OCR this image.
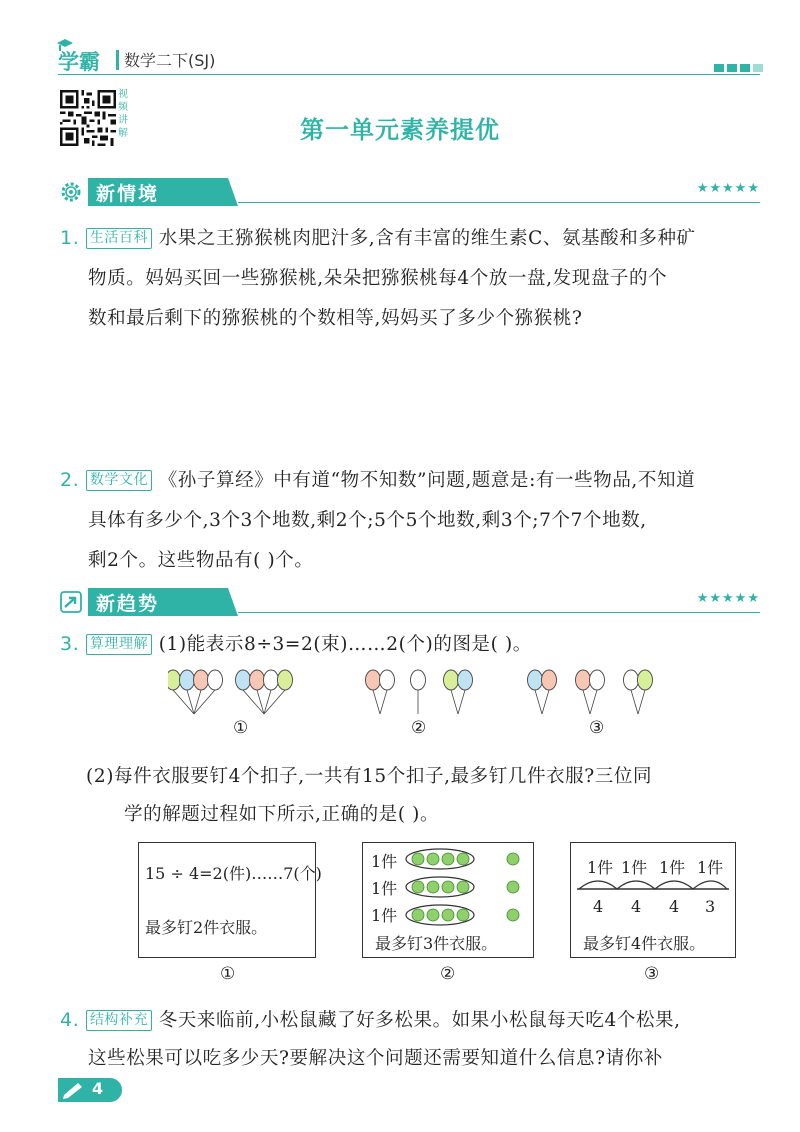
学霸 数学二下(SJ)
视
频
讲
解	第一单元素养提优
新情境	★★★★★
1. 生活百科 水果之王猕猴桃肉肥汁多,含有丰富的维生素C、氨基酸和多种矿
物质。妈妈买回一些猕猴桃,朵朵把猕猴桃每4个放一盘,发现盘子的个
数和最后剩下的猕猴桃的个数相等,妈妈买了多少个猕猴桃?
2. 数学文化 《孙子算经》中有道“物不知数”问题,题意是:有一些物品,不知道
具体有多少个,3个3个地数,剩2个;5个5个地数,剩3个;7个7个地数,
剩2个。这些物品有( )个。
新趋势	★★★★★
3. 算理理解 (1)能表示8÷3=2(束)……2(个)的图是( )。
①	②	③
(2)每件衣服要钉4个扣子,一共有15个扣子,最多钉几件衣服?三位同
学的解题过程如下所示,正确的是( )。
15 ÷ 4=2(件)……7(个)
最多钉2件衣服。
①
1件
1件
1件
最多钉3件衣服。
②
1件 1件 1件 1件
4 4 4 3
最多钉4件衣服。
③
4. 结构补充 冬天来临前,小松鼠藏了好多松果。如果小松鼠每天吃4个松果,
这些松果可以吃多少天?要解决这个问题还需要知道什么信息?请你补
4
